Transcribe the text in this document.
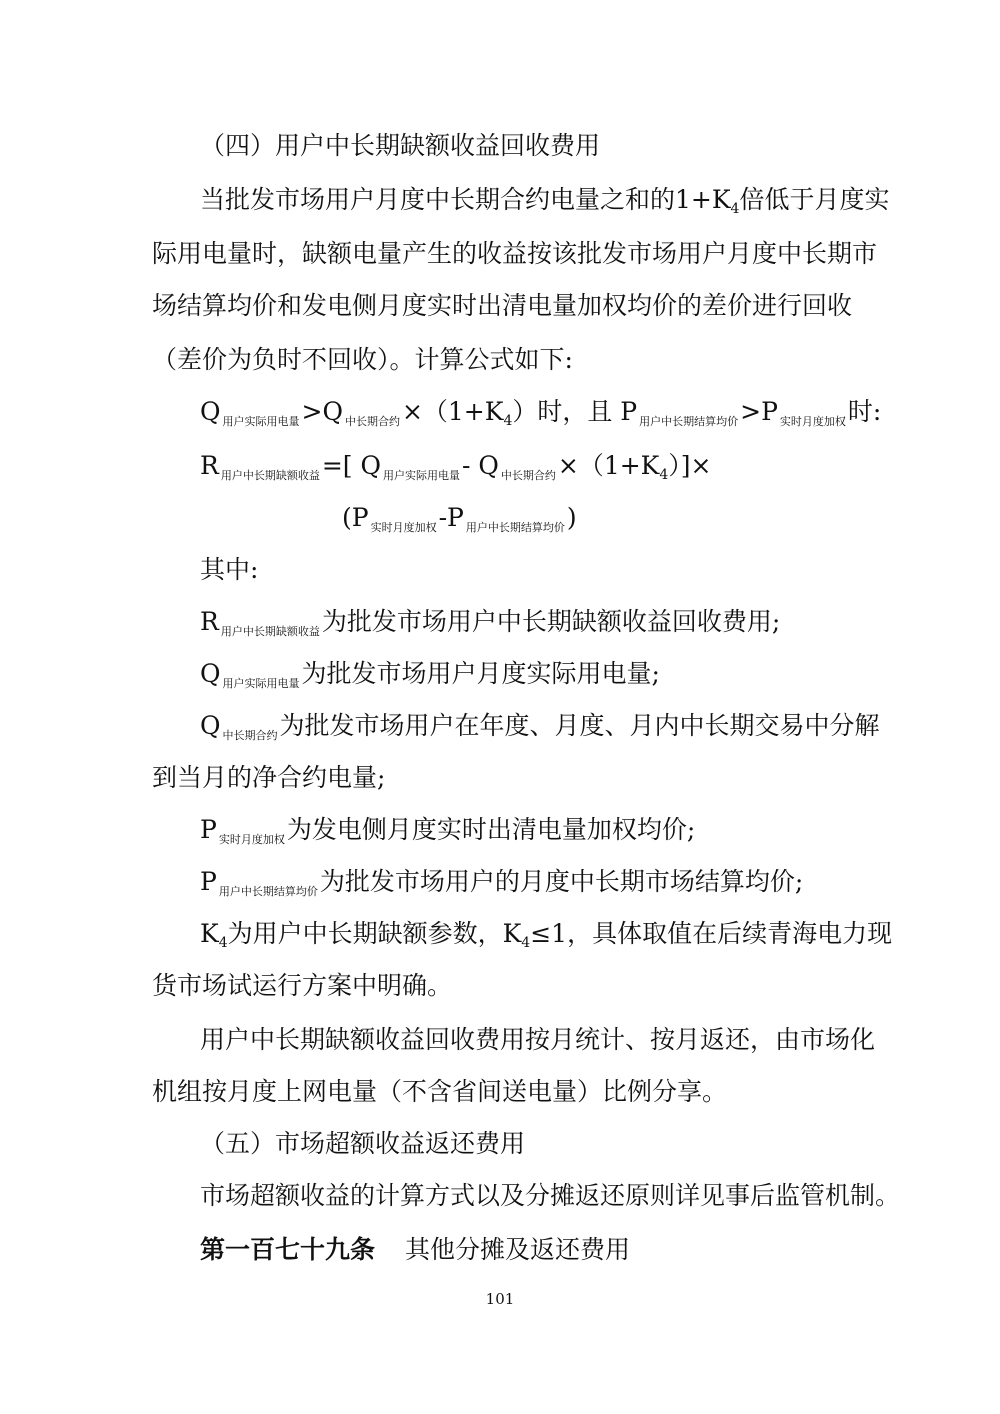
（四）用户中长期缺额收益回收费用
当批发市场用户月度中长期合约电量之和的$1+K_4$倍低于月度实
际用电量时，缺额电量产生的收益按该批发市场用户月度中长期市
场结算均价和发电侧月度实时出清电量加权均价的差价进行回收
（差价为负时不回收）。计算公式如下:
Q $_{用户实际用电量}$>Q $_{中长期合约}\times(1+K_4)$时，且 P $_{用户中长期结算均价}$>P $_{实时月度加权}$时:
R $_{用户中长期缺额收益}$=[ Q $_{用户实际用电量}$- Q $_{中长期合约}\times(1+K_4)]\times$
(P $_{实时月度加权}$-P $_{用户中长期结算均价}$)
其中:
R $_{用户中长期缺额收益}$为批发市场用户中长期缺额收益回收费用;
Q $_{用户实际用电量}$为批发市场用户月度实际用电量;
Q $_{中长期合约}$为批发市场用户在年度、月度、月内中长期交易中分解
到当月的净合约电量;
P $_{实时月度加权}$为发电侧月度实时出清电量加权均价;
P $_{用户中长期结算均价}$为批发市场用户的月度中长期市场结算均价;
$K_4$为用户中长期缺额参数，$K_4\le 1$，具体取值在后续青海电力现
货市场试运行方案中明确。
用户中长期缺额收益回收费用按月统计、按月返还，由市场化
机组按月度上网电量（不含省间送电量）比例分享。
（五）市场超额收益返还费用
市场超额收益的计算方式以及分摊返还原则详见事后监管机制。
第一百七十九条 其他分摊及返还费用
101
